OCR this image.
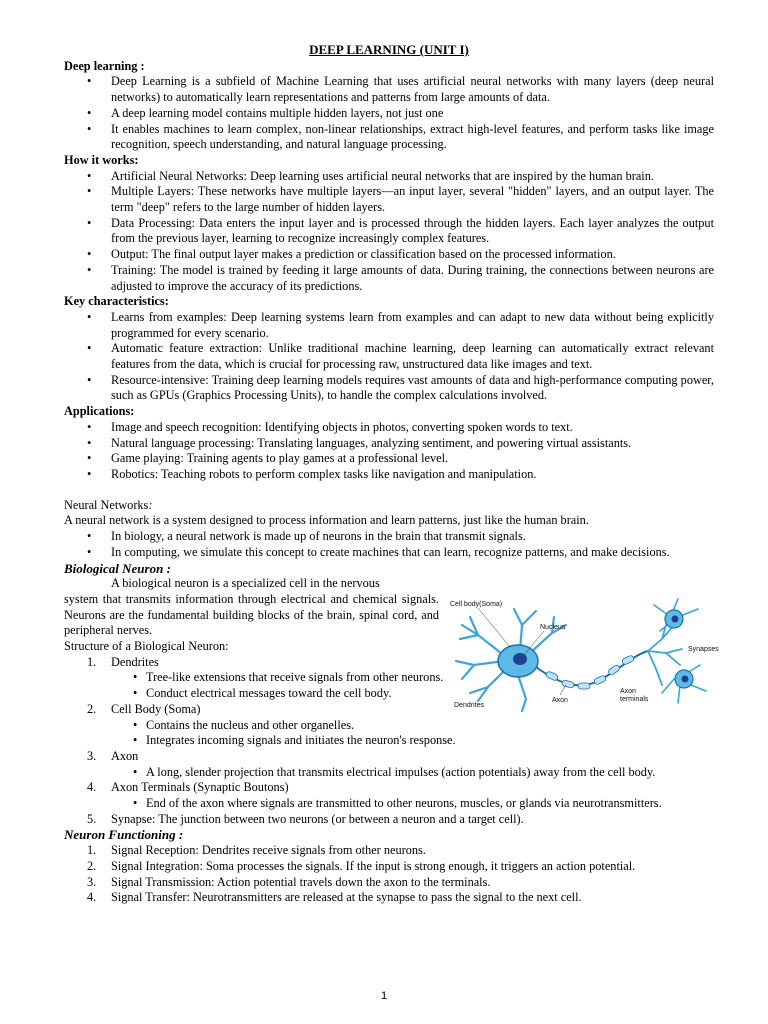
DEEP LEARNING (UNIT I)
Deep learning :
• Deep Learning is a subfield of Machine Learning that uses artificial neural networks with many layers (deep neural networks) to automatically learn representations and patterns from large amounts of data.
• A deep learning model contains multiple hidden layers, not just one
• It enables machines to learn complex, non-linear relationships, extract high-level features, and perform tasks like image recognition, speech understanding, and natural language processing.
How it works:
• Artificial Neural Networks: Deep learning uses artificial neural networks that are inspired by the human brain.
• Multiple Layers: These networks have multiple layers—an input layer, several "hidden" layers, and an output layer. The term "deep" refers to the large number of hidden layers.
• Data Processing: Data enters the input layer and is processed through the hidden layers. Each layer analyzes the output from the previous layer, learning to recognize increasingly complex features.
• Output: The final output layer makes a prediction or classification based on the processed information.
• Training: The model is trained by feeding it large amounts of data. During training, the connections between neurons are adjusted to improve the accuracy of its predictions.
Key characteristics:
• Learns from examples: Deep learning systems learn from examples and can adapt to new data without being explicitly programmed for every scenario.
• Automatic feature extraction: Unlike traditional machine learning, deep learning can automatically extract relevant features from the data, which is crucial for processing raw, unstructured data like images and text.
• Resource-intensive: Training deep learning models requires vast amounts of data and high-performance computing power, such as GPUs (Graphics Processing Units), to handle the complex calculations involved.
Applications:
• Image and speech recognition: Identifying objects in photos, converting spoken words to text.
• Natural language processing: Translating languages, analyzing sentiment, and powering virtual assistants.
• Game playing: Training agents to play games at a professional level.
• Robotics: Teaching robots to perform complex tasks like navigation and manipulation.
Neural Networks:

A neural network is a system designed to process information and learn patterns, just like the human brain.

• In biology, a neural network is made up of neurons in the brain that transmit signals.
• In computing, we simulate this concept to create machines that can learn, recognize patterns, and make decisions.
Biological Neuron :

A biological neuron is a specialized cell in the nervous

system that transmits information through electrical and chemical signals. Neurons are the fundamental building blocks of the brain, spinal cord, and peripheral nerves.

Structure of a Biological Neuron:

1. Dendrites
• Tree-like extensions that receive signals from other neurons.
• Conduct electrical messages toward the cell body.
2. Cell Body (Soma)
• Contains the nucleus and other organelles.
• Integrates incoming signals and initiates the neuron's response.
3. Axon
• A long, slender projection that transmits electrical impulses (action potentials) away from the cell body.
4. Axon Terminals (Synaptic Boutons)
• End of the axon where signals are transmitted to other neurons, muscles, or glands via neurotransmitters.
5. Synapse: The junction between two neurons (or between a neuron and a target cell).
Neuron Functioning :
1. Signal Reception: Dendrites receive signals from other neurons.
2. Signal Integration: Soma processes the signals. If the input is strong enough, it triggers an action potential.
3. Signal Transmission: Action potential travels down the axon to the terminals.
4. Signal Transfer: Neurotransmitters are released at the synapse to pass the signal to the next cell.
Cell body(Soma)
Nucleus
Synapses
Axon
terminals
Axon
Dendrites
1
